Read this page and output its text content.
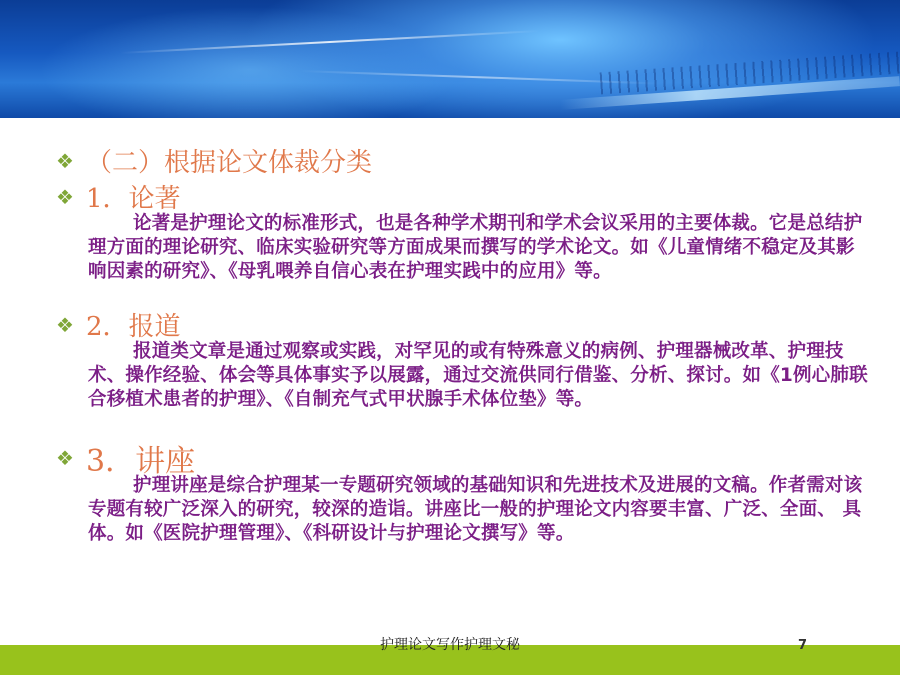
❖ （二）根据论文体裁分类
❖ 1．论著
论著是护理论文的标准形式，也是各种学术期刊和学术会议采用的主要体裁。它是总结护理方面的理论研究、临床实验研究等方面成果而撰写的学术论文。如《儿童情绪不稳定及其影响因素的研究》、《母乳喂养自信心表在护理实践中的应用》等。
❖ 2．报道
报道类文章是通过观察或实践，对罕见的或有特殊意义的病例、护理器械改革、护理技术、操作经验、体会等具体事实予以展露，通过交流供同行借鉴、分析、探讨。如《1例心肺联合移植术患者的护理》、《自制充气式甲状腺手术体位垫》等。
❖ 3．讲座
护理讲座是综合护理某一专题研究领域的基础知识和先进技术及进展的文稿。作者需对该专题有较广泛深入的研究，较深的造诣。讲座比一般的护理论文内容要丰富、广泛、全面、 具体。如《医院护理管理》、《科研设计与护理论文撰写》等。
护理论文写作护理文秘	7
